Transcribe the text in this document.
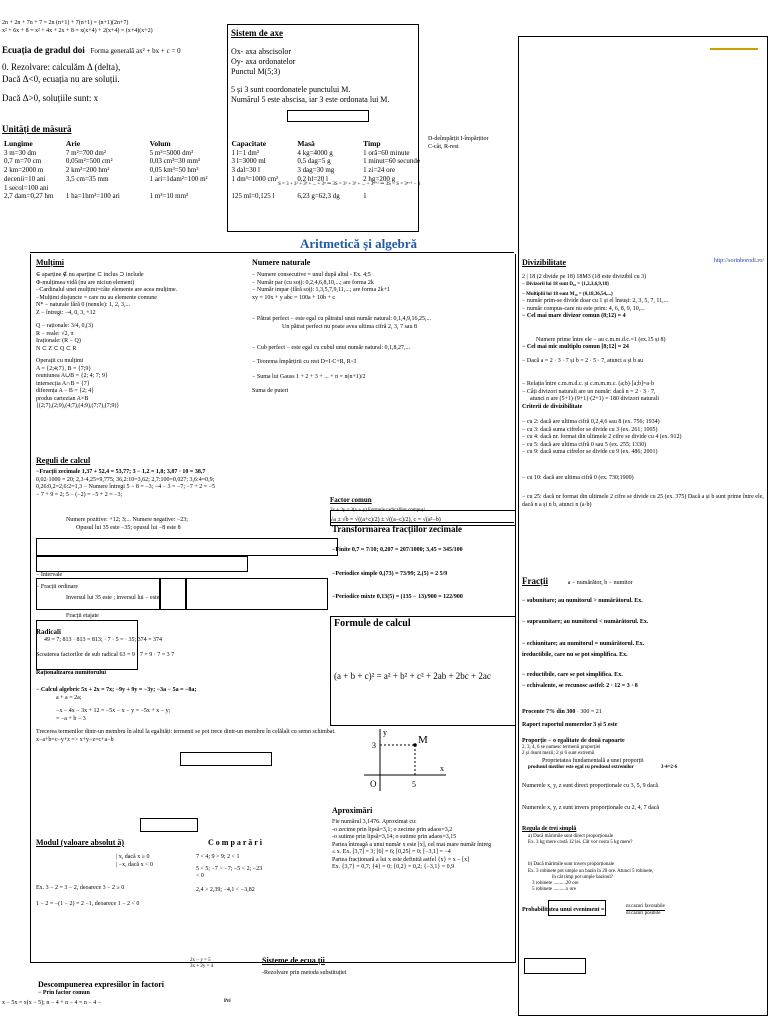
2n + 2n + 7n + 7 = 2n (n+1) + 7(n+1) = (n+1)(2n+7)
x² + 6x + 8 = x² + 4x + 2x + 8 = x(x+4) + 2(x+4) = (x+4)(x+2)
Ecuația de gradul doi Forma generală ax² + bx + c = 0
0. Rezolvare: calculăm Δ (delta),
Dacă Δ<0, ecuația nu are soluții.
Dacă Δ>0, soluțiile sunt: x
Sistem de axe
Ox- axa abscisolor
Oy- axa ordonatelor
Punctul M(5;3)
5 și 3 sunt coordonatele punctului M.
Numărul 5 este abscisa, iar 3 este ordonata lui M.
Unități de măsură
Lungime	Arie	Volum	Capacitate	Masă	Timp
3 m=30 dm	7 m²=700 dm²	5 m³=5000 dm³	1 l=1 dm³	4 kg=4000 g	1 oră=60 minute
0,7 m=70 cm	0,05m²=500 cm²	0,03 cm³=30 mm³	3 l=3000 ml	0,5 dag=5 g	1 minut=60 secunde
2 km=2000 m	2 km²=200 hm²	0,05 km³=50 hm³	3 dal=30 l	3 dag=30 mg	1 zi=24 ore
decenii=10 ani	3,5 cm=35 mm	1 ari=1dam²=100 m²	1 dm³=1000 cm³	0,2 hl=20 l	2 hg=200 g
1 secol=100 ani					
2,7 dam=0,27 hm	1 ha=1hm²=100 ari	1 m³=10 mm³	125 ml=0,125 l	6,23 g=62,3 dg	1
D-deîmpărțit I-împărțitor
C-cât, R-rest
S = 3 + 3² + 3³ + ... + 3ⁿ ⇒ 3S = 3² + 3³ + ... + 3ⁿ⁺¹ ⇒ 3S − S = 3ⁿ⁺¹ − 3
Aritmetică și algebră
Mulțimi
∈ aparține ∉ nu aparține ⊂ inclus ⊃ include
Φ-mulțimea vidă (nu are niciun element)
−Cardinalul unei mulțimi=câte elemente are acea mulțime.
−Mulțimi disjuncte = care nu au elemente comune
N* − naturale fără 0 (nenule): 1, 2, 3,...
Z − întregi: −4, 0, 3, +12
Q − raționale: 3/4, 0,(3)
R − reale: √2, π
Iraționale: (R − Q)
N ⊂ Z ⊂ Q ⊂ R
Operații cu mulțimi
A = {2;4;7}, B = {7;9}
reuniunea A∪B = {2; 4; 7; 9}
intersecția A∩B = {7}
diferența A − B = {2; 4}
produs cartezian A×B
{(2;7),(2;9),(4;7),(4;9),(7;7),(7;9)}
Numere naturale
− Numere consecutive = unul după altul - Ex. 4;5
− Număr par (cu soț): 0,2,4,6,8,10,...; are forma 2k
− Număr impar (fără soț): 1,3,5,7,9,11,...; are forma 2k+1
xy = 10x + y abc = 100a + 10b + c
− Pătrat perfect − este egal cu pătratul unui număr natural: 0,1,4,9,16,25,...
Un pătrat perfect nu poate avea ultima cifră 2, 3, 7 sau 8
− Cub perfect − este egal cu cubul unui număr natural: 0,1,8,27,...
− Teorema împărțirii cu rest D=I·C+R, R<I
− Suma lui Gauss 1 + 2 + 3 + ... + n = n(n+1)/2
Suma de puteri
Reguli de calcul
−Fracții zecimale 1,37 + 52,4 = 53,77; 3 − 1,2 = 1,8; 3,87 · 10 = 38,7
0,02·1000 = 20; 2,3·4,25=9,775; 36,2:10=3,62; 2,7:100=0,027; 3,6:4=0,9;
0,26:0,2=2,6:2=1,3 − Numere întregi 5 − 8 = −3; −4 − 3 = −7; −7 + 2 = −5
− 7 + 9 = 2; 5 − (−2) = −5 + 2 = −3;
Numere pozitive: +12; 3;... Numere negative: −23;
Opusul lui 35 este −35; opusul lui −8 este 8
− Intervale
− Fracții ordinare
Inversul lui 35 este ; inversul lui − este
Fracții etajate
Radicali
49 = 7; 813 · 813 = 813; · 7 · 5 = · 35; 374 = 374
Scoaterea factorilor de sub radical 63 = 9 · 7 = 9 · 7 = 3 7
Raționalizarea numitorului
− Calcul algebric 5x + 2x = 7x; −9y + 9y = −3y; −3a − 5a = −8a;
a + a = 2a;
−x − 4x − 3x + 12 = −5x − x − y = −5x + x − y;
= −a + b − 3
Trecerea termenilor dintr-un membru în altul la egalități: termenii se pot trece dintr-un membru în celălalt cu semn schimbat. x−a+b=c−y+z => x+y−z=c+a−b
Modul (valoare absolut ă)
| x, dacă x ≥ 0
| −x, dacă x < 0
Ex. 3 − 2 = 3 − 2, deoarece 3 − 2 ≥ 0
1 − 2 = −(1 − 2) = 2 −1, deoarece 1 − 2 < 0
C o m p a r ă r i
7 < 4; 9 > 9; 2 < 1
5 < 5; −7 > −7; −5 < 2; −23
< 0
2,4 > 2,39; −4,1 < −3,82
Factor comun
3x + 3y = 3(x + y) Formule radicalilor compuși
√a ± √b = √((a+c)/2) ± √((a−c)/2), c = √(a²−b)
Transformarea fracțiilor zecimale
−Finite 0,7 = 7/10; 0,207 = 207/1000; 3,45 = 345/100
−Periodice simple 0,(73) = 73/99; 2,(5) = 2 5/9
−Periodice mixte 0,13(5) = (135 − 13)/900 = 122/900
Formule de calcul
(a + b + c)² = a² + b² + c² + 2ab + 2bc + 2ac
M
y
x
O	5
3
Aproximări
Fie numărul 3,1476. Aproximat cu:
-o zecime prin lipsă=3,1; o zecime prin adaos=3,2
-o sutime prin lipsă=3,14; o sutime prin adaos=3,15
Partea întreagă a unui număr x este [x], cel mai mare număr întreg
≤ x. Ex. [3,7] = 3; [6] = 6; [0,25] = 0; [−3,1] = −4
Partea fracționară a lui x este definită astfel {x} = x − [x]
Ex. {3,7} = 0,7; {4} = 0; {0,2} = 0,2; {−3,1} = 0,9
Divizibilitate	http://sorinborodi.ro/
2 | 18 (2 divide pe 18) 18M3 (18 este divizibil cu 3)
− Divizorii lui 18 sunt D₁₈ = {1,2,3,6,9,18}
− Multiplii lui 18 sunt M₁₈ = {0,18,36,54,...}
− număr prim-se divide doar cu 1 și el însuși: 2, 3, 5, 7, 11,...
− număr compus-care nu este prim: 4, 6, 8, 9, 10,...
− Cel mai mare divizor comun (8;12) = 4
Numere prime între ele − au c.m.m.d.c.=1 (ex.15 și 8)
− Cel mai mic multiplu comun [8;12] = 24
− Dacă a = 2 · 3 · 7 și b = 2 · 5 · 7, atunci a și b au
− Relația între c.m.m.d.c. și c.m.m.m.c. (a;b)·[a;b]=a·b
− Câți divizori naturali are un număr: dacă n = 2 · 3 · 7,
atunci n are (5+1)·(9+1)·(2+1) = 180 divizori naturali
Criterii de divizibilitate
− cu 2: dacă are ultima cifră 0,2,4,6 sau 8 (ex. 756; 1934)
− cu 3: dacă suma cifrelor se divide cu 3 (ex. 261; 1005)
− cu 4: dacă nr. format din ultimele 2 cifre se divide cu 4 (ex. 912)
− cu 5: dacă are ultima cifră 0 sau 5 (ex. 255; 1330)
− cu 9: dacă suma cifrelor se divide cu 9 (ex. 486; 2001)
− cu 10: dacă are ultima cifră 0 (ex. 730;1900)
− cu 25: dacă nr format din ultimele 2 cifre se divide cu 25 (ex. 375) Dacă a și b sunt prime între ele, dacă n a și n b, atunci n (a·b)
Fracții	a − numărător, b − numitor
− subunitare; au numitorul > numărătorul. Ex.
− supraunitare; au numitorul < numărătorul. Ex.
− echiunitare; au numitorul = numărătorul. Ex.
ireductibile, care nu se pot simplifica. Ex.
− reductibile, care se pot simplifica. Ex.
− echivalente, se recunosc astfel: 2 · 12 = 3 · 8
Procente 7% din 300 · 300 = 21
Raport raportul numerelor 3 și 5 este
Proporție − o egalitate de două rapoarte
2, 3, 4, 6 se numesc termenii proporției
2 și 4sunt mezii; 2 și 6 sunt extremii
Proprietatea fundamentală a unei proporții
produsul mezilor este egal cu produsul extremilor	3·4=2·6
Numerele x, y, z sunt direct proporționale cu 3, 5, 9 dacă
Numerele x, y, z sunt invers proporționale cu 2, 4, 7 dacă
Regula de trei simplă
a) Dacă mărimile sunt direct proporționale
Ex. 3 kg mere costă 12 lei. Cât vor costa 5 kg mere?
b) Dacă mărimile sunt invers proporționale
Ex. 3 robinete pot umple un bazin în 20 ore. Atunci 5 robinete,
în cât timp pot umple bazinul?
3 robinete ..........20 ore
5 robinete ..........x ore
Probabilitatea unui eveniment =
nr.cazuri favorabile
nr.cazuri posibile
Sisteme de ecua ții
-Rezolvare prin metoda substituției
2x − y = 5
3x + 2y = 4
Pri
Descompunerea expresiilor în factori
− Prin factor comun
x − 5x = x(x − 5); n − 4 + n − 4 = n − 4 −
